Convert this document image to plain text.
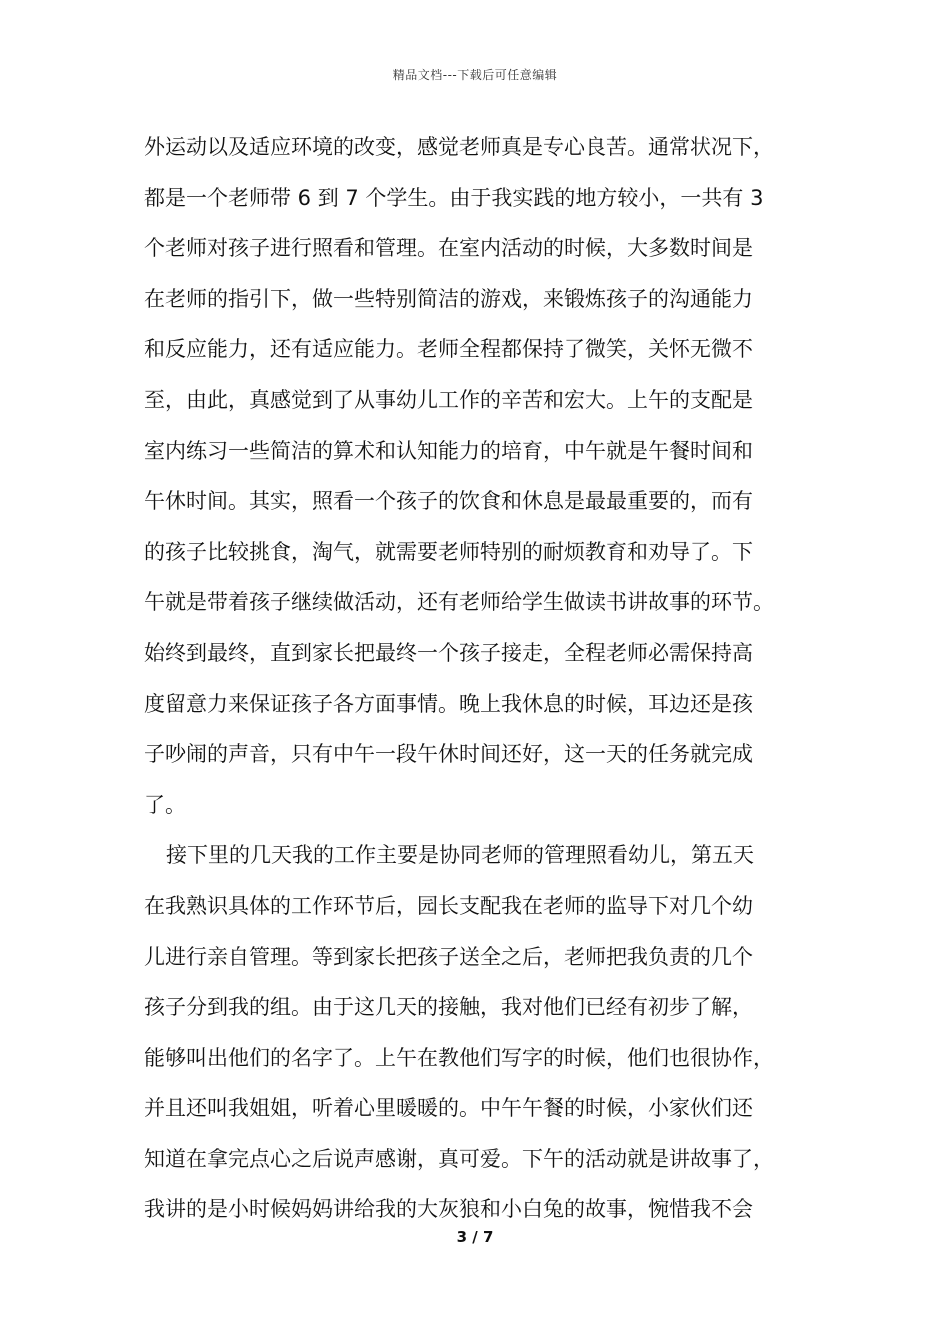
精品文档---下载后可任意编辑
外运动以及适应环境的改变，感觉老师真是专心良苦。通常状况下，
都是一个老师带 6 到 7 个学生。由于我实践的地方较小，一共有 3
个老师对孩子进行照看和管理。在室内活动的时候，大多数时间是
在老师的指引下，做一些特别简洁的游戏，来锻炼孩子的沟通能力
和反应能力，还有适应能力。老师全程都保持了微笑，关怀无微不
至，由此，真感觉到了从事幼儿工作的辛苦和宏大。上午的支配是
室内练习一些简洁的算术和认知能力的培育，中午就是午餐时间和
午休时间。其实，照看一个孩子的饮食和休息是最最重要的，而有
的孩子比较挑食，淘气，就需要老师特别的耐烦教育和劝导了。下
午就是带着孩子继续做活动，还有老师给学生做读书讲故事的环节。
始终到最终，直到家长把最终一个孩子接走，全程老师必需保持高
度留意力来保证孩子各方面事情。晚上我休息的时候，耳边还是孩
子吵闹的声音，只有中午一段午休时间还好，这一天的任务就完成
了。
接下里的几天我的工作主要是协同老师的管理照看幼儿，第五天
在我熟识具体的工作环节后，园长支配我在老师的监导下对几个幼
儿进行亲自管理。等到家长把孩子送全之后，老师把我负责的几个
孩子分到我的组。由于这几天的接触，我对他们已经有初步了解，
能够叫出他们的名字了。上午在教他们写字的时候，他们也很协作，
并且还叫我姐姐，听着心里暖暖的。中午午餐的时候，小家伙们还
知道在拿完点心之后说声感谢，真可爱。下午的活动就是讲故事了，
我讲的是小时候妈妈讲给我的大灰狼和小白兔的故事，惋惜我不会
3 / 7
